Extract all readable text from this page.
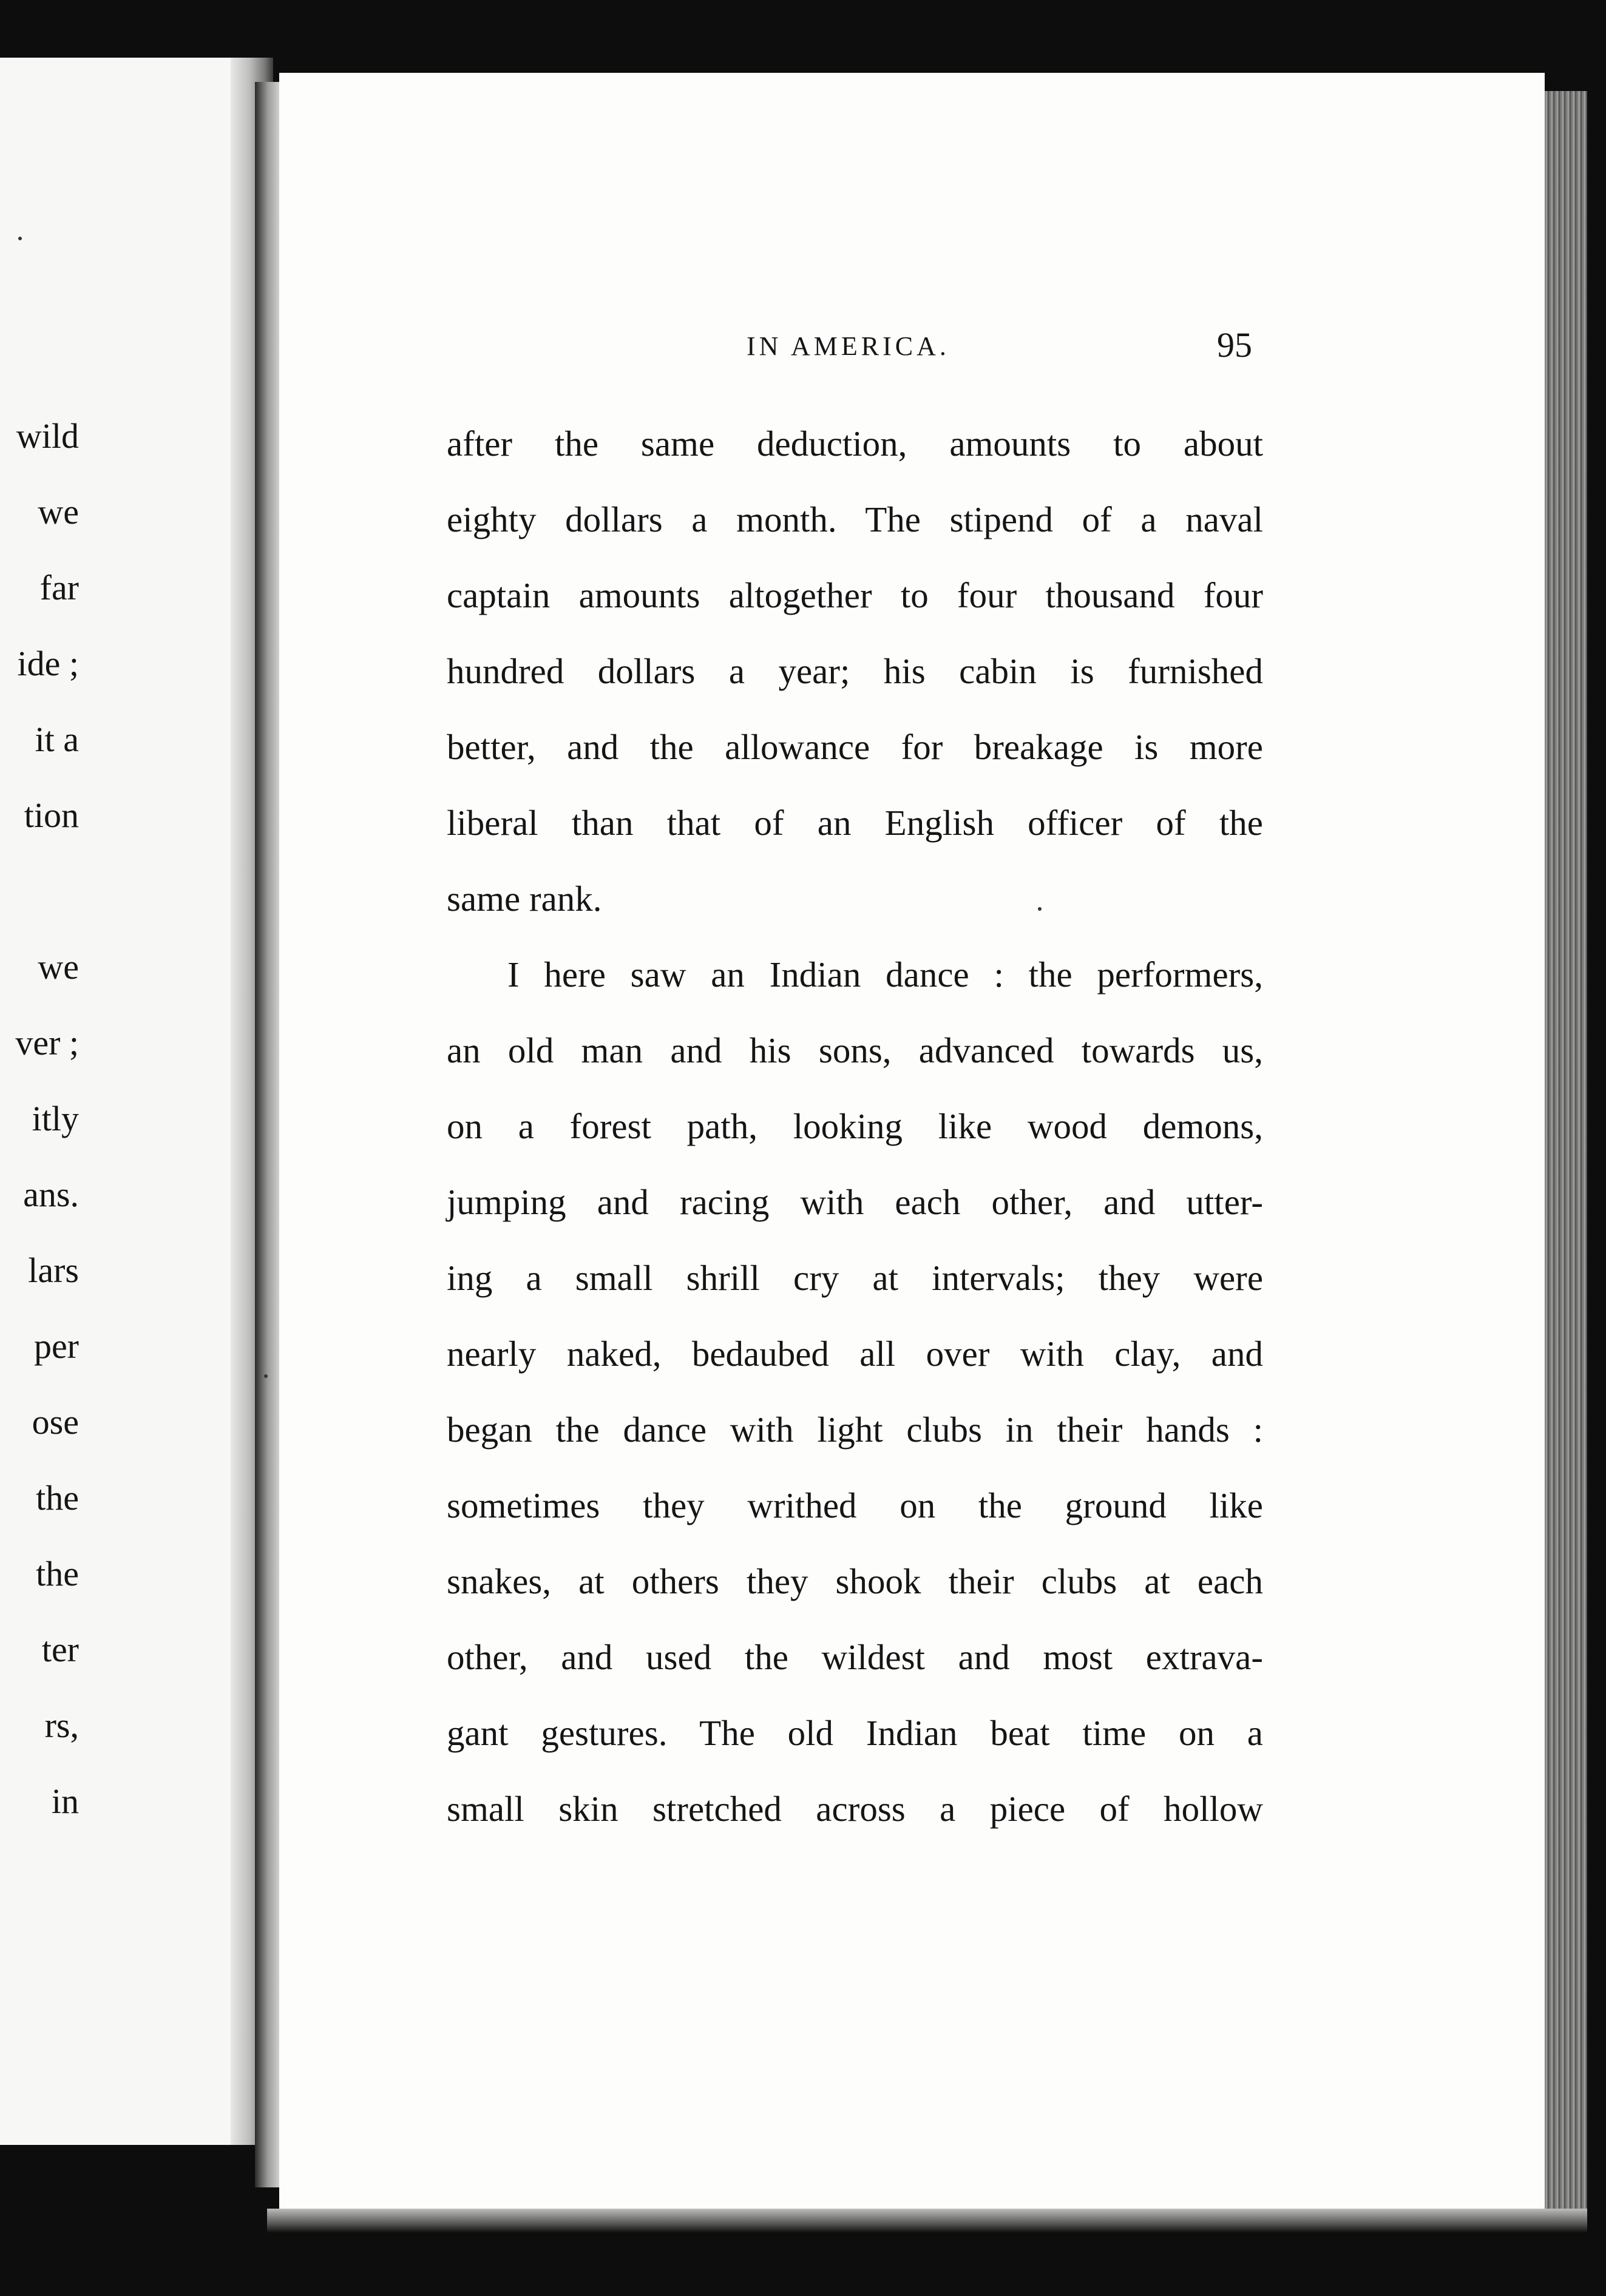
wild
we
far
ide ;
it a
tion
we
ver ;
itly
ans.
lars
per
ose
the
the
ter
rs,
in
IN AMERICA.	95
after the same deduction, amounts to about
eighty dollars a month. The stipend of a naval
captain amounts altogether to four thousand four
hundred dollars a year; his cabin is furnished
better, and the allowance for breakage is more
liberal than that of an English officer of the
same rank.
I here saw an Indian dance : the performers,
an old man and his sons, advanced towards us,
on a forest path, looking like wood demons,
jumping and racing with each other, and utter-
ing a small shrill cry at intervals; they were
nearly naked, bedaubed all over with clay, and
began the dance with light clubs in their hands :
sometimes they writhed on the ground like
snakes, at others they shook their clubs at each
other, and used the wildest and most extrava-
gant gestures. The old Indian beat time on a
small skin stretched across a piece of hollow
